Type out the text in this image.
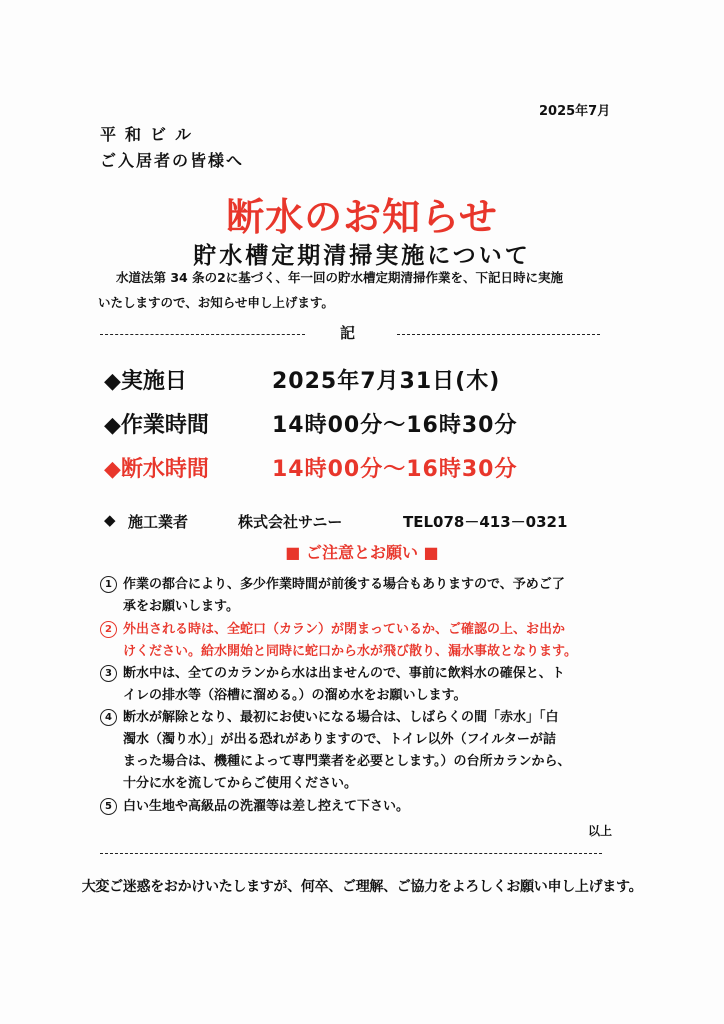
2025年7月
平和ビル
ご入居者の皆様へ
断水のお知らせ
貯水槽定期清掃実施について
水道法第 34 条の2に基づく、年一回の貯水槽定期清掃作業を、下記日時に実施
いたしますので、お知らせ申し上げます。
記
◆実施日	2025年7月31日(木)
◆作業時間	14時00分～16時30分
◆断水時間	14時00分～16時30分
◆ 施工業者	株式会社サニー	TEL078－413－0321
■ ご注意とお願い ■
1 作業の都合により、多少作業時間が前後する場合もありますので、予めご了
承をお願いします。
2 外出される時は、全蛇口（カラン）が閉まっているか、ご確認の上、お出か
けください。給水開始と同時に蛇口から水が飛び散り、漏水事故となります。
3 断水中は、全てのカランから水は出ませんので、事前に飲料水の確保と、ト
イレの排水等（浴槽に溜める。）の溜め水をお願いします。
4 断水が解除となり、最初にお使いになる場合は、しばらくの間「赤水」「白
濁水（濁り水）」が出る恐れがありますので、トイレ以外（フイルターが詰
まった場合は、機種によって専門業者を必要とします。）の台所カランから、
十分に水を流してからご使用ください。
5 白い生地や高級品の洗濯等は差し控えて下さい。
以上
大変ご迷惑をおかけいたしますが、何卒、ご理解、ご協力をよろしくお願い申し上げます。
